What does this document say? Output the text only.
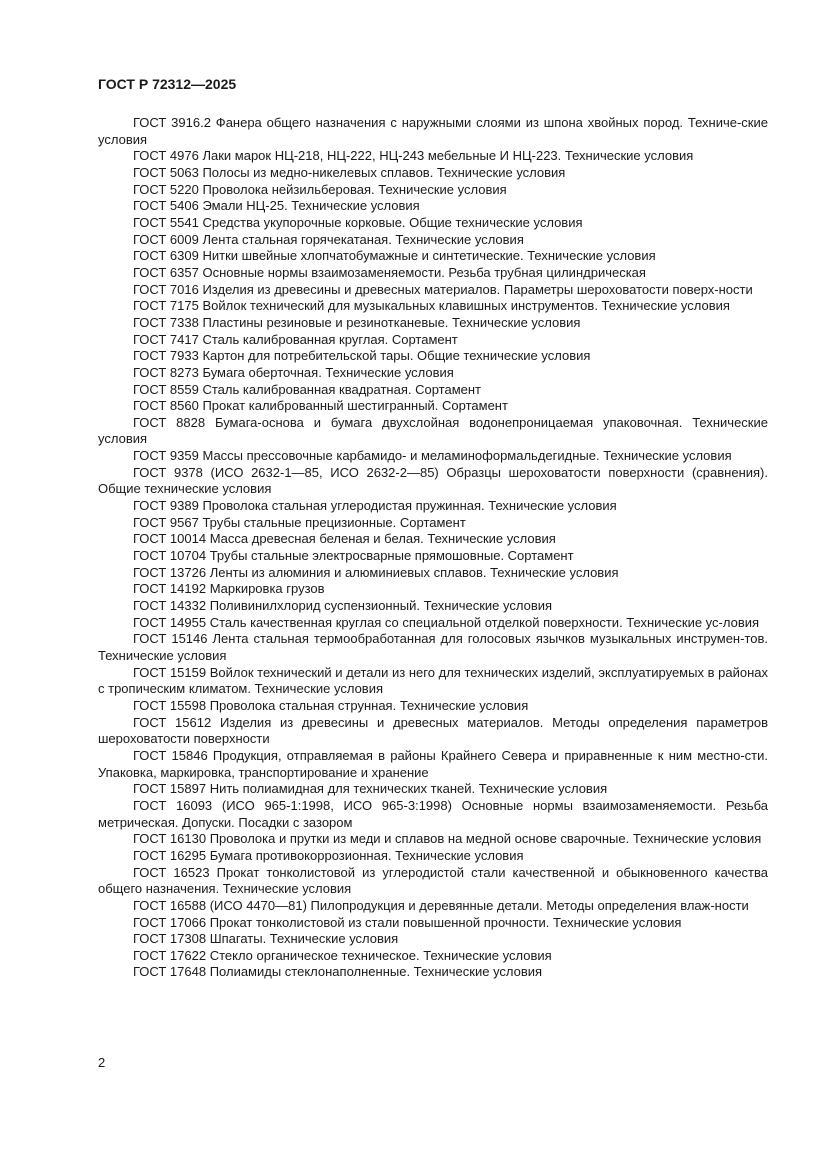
ГОСТ Р 72312—2025

ГОСТ 3916.2 Фанера общего назначения с наружными слоями из шпона хвойных пород. Техниче-ские условия

ГОСТ 4976 Лаки марок НЦ-218, НЦ-222, НЦ-243 мебельные И НЦ-223. Технические условия

ГОСТ 5063 Полосы из медно-никелевых сплавов. Технические условия

ГОСТ 5220 Проволока нейзильберовая. Технические условия

ГОСТ 5406 Эмали НЦ-25. Технические условия

ГОСТ 5541 Средства укупорочные корковые. Общие технические условия

ГОСТ 6009 Лента стальная горячекатаная. Технические условия

ГОСТ 6309 Нитки швейные хлопчатобумажные и синтетические. Технические условия

ГОСТ 6357 Основные нормы взаимозаменяемости. Резьба трубная цилиндрическая

ГОСТ 7016 Изделия из древесины и древесных материалов. Параметры шероховатости поверх-ности

ГОСТ 7175 Войлок технический для музыкальных клавишных инструментов. Технические условия

ГОСТ 7338 Пластины резиновые и резинотканевые. Технические условия

ГОСТ 7417 Сталь калиброванная круглая. Сортамент

ГОСТ 7933 Картон для потребительской тары. Общие технические условия

ГОСТ 8273 Бумага оберточная. Технические условия

ГОСТ 8559 Сталь калиброванная квадратная. Сортамент

ГОСТ 8560 Прокат калиброванный шестигранный. Сортамент

ГОСТ 8828 Бумага-основа и бумага двухслойная водонепроницаемая упаковочная. Технические условия

ГОСТ 9359 Массы прессовочные карбамидо- и меламиноформальдегидные. Технические условия

ГОСТ 9378 (ИСО 2632-1—85, ИСО 2632-2—85) Образцы шероховатости поверхности (сравнения). Общие технические условия

ГОСТ 9389 Проволока стальная углеродистая пружинная. Технические условия

ГОСТ 9567 Трубы стальные прецизионные. Сортамент

ГОСТ 10014 Масса древесная беленая и белая. Технические условия

ГОСТ 10704 Трубы стальные электросварные прямошовные. Сортамент

ГОСТ 13726 Ленты из алюминия и алюминиевых сплавов. Технические условия

ГОСТ 14192 Маркировка грузов

ГОСТ 14332 Поливинилхлорид суспензионный. Технические условия

ГОСТ 14955 Сталь качественная круглая со специальной отделкой поверхности. Технические ус-ловия

ГОСТ 15146 Лента стальная термообработанная для голосовых язычков музыкальных инструмен-тов. Технические условия

ГОСТ 15159 Войлок технический и детали из него для технических изделий, эксплуатируемых в районах с тропическим климатом. Технические условия

ГОСТ 15598 Проволока стальная струнная. Технические условия

ГОСТ 15612 Изделия из древесины и древесных материалов. Методы определения параметров шероховатости поверхности

ГОСТ 15846 Продукция, отправляемая в районы Крайнего Севера и приравненные к ним местно-сти. Упаковка, маркировка, транспортирование и хранение

ГОСТ 15897 Нить полиамидная для технических тканей. Технические условия

ГОСТ 16093 (ИСО 965-1:1998, ИСО 965-3:1998) Основные нормы взаимозаменяемости. Резьба метрическая. Допуски. Посадки с зазором

ГОСТ 16130 Проволока и прутки из меди и сплавов на медной основе сварочные. Технические условия

ГОСТ 16295 Бумага противокоррозионная. Технические условия

ГОСТ 16523 Прокат тонколистовой из углеродистой стали качественной и обыкновенного качества общего назначения. Технические условия

ГОСТ 16588 (ИСО 4470—81) Пилопродукция и деревянные детали. Методы определения влаж-ности

ГОСТ 17066 Прокат тонколистовой из стали повышенной прочности. Технические условия

ГОСТ 17308 Шпагаты. Технические условия

ГОСТ 17622 Стекло органическое техническое. Технические условия

ГОСТ 17648 Полиамиды стеклонаполненные. Технические условия

2
